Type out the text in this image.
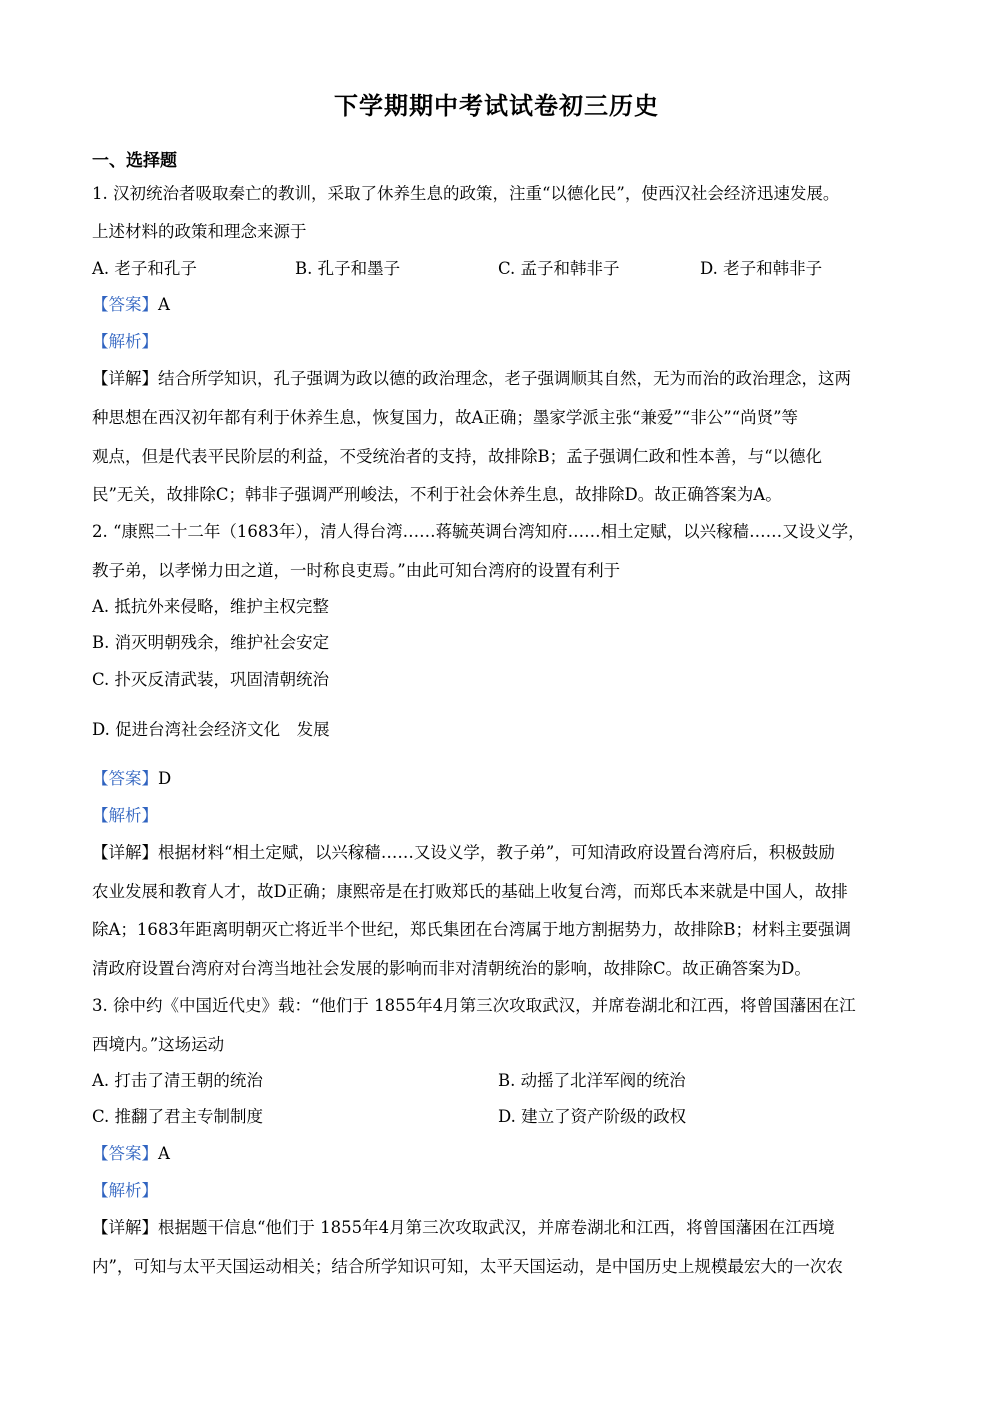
下学期期中考试试卷初三历史
一、选择题
1. 汉初统治者吸取秦亡的教训，采取了休养生息的政策，注重“以德化民”，使西汉社会经济迅速发展。
上述材料的政策和理念来源于
A. 老子和孔子	B. 孔子和墨子	C. 孟子和韩非子	D. 老子和韩非子
【答案】A
【解析】
【详解】结合所学知识，孔子强调为政以德的政治理念，老子强调顺其自然，无为而治的政治理念，这两
种思想在西汉初年都有利于休养生息，恢复国力，故A正确；墨家学派主张“兼爱”“非公”“尚贤”等
观点，但是代表平民阶层的利益，不受统治者的支持，故排除B；孟子强调仁政和性本善，与“以德化
民”无关，故排除C；韩非子强调严刑峻法，不利于社会休养生息，故排除D。故正确答案为A。
2. “康熙二十二年（1683年），清人得台湾……蒋毓英调台湾知府……相土定赋，以兴稼穑……又设义学，
教子弟，以孝悌力田之道，一时称良吏焉。”由此可知台湾府的设置有利于
A. 抵抗外来侵略，维护主权完整
B. 消灭明朝残余，维护社会安定
C. 扑灭反清武装，巩固清朝统治
D. 促进台湾社会经济文化　发展
【答案】D
【解析】
【详解】根据材料“相土定赋，以兴稼穑……又设义学，教子弟”，可知清政府设置台湾府后，积极鼓励
农业发展和教育人才，故D正确；康熙帝是在打败郑氏的基础上收复台湾，而郑氏本来就是中国人，故排
除A；1683年距离明朝灭亡将近半个世纪，郑氏集团在台湾属于地方割据势力，故排除B；材料主要强调
清政府设置台湾府对台湾当地社会发展的影响而非对清朝统治的影响，故排除C。故正确答案为D。
3. 徐中约《中国近代史》载：“他们于 1855年4月第三次攻取武汉，并席卷湖北和江西，将曾国藩困在江
西境内。”这场运动
A. 打击了清王朝的统治	B. 动摇了北洋军阀的统治
C. 推翻了君主专制制度	D. 建立了资产阶级的政权
【答案】A
【解析】
【详解】根据题干信息“他们于 1855年4月第三次攻取武汉，并席卷湖北和江西，将曾国藩困在江西境
内”，可知与太平天国运动相关；结合所学知识可知，太平天国运动，是中国历史上规模最宏大的一次农
